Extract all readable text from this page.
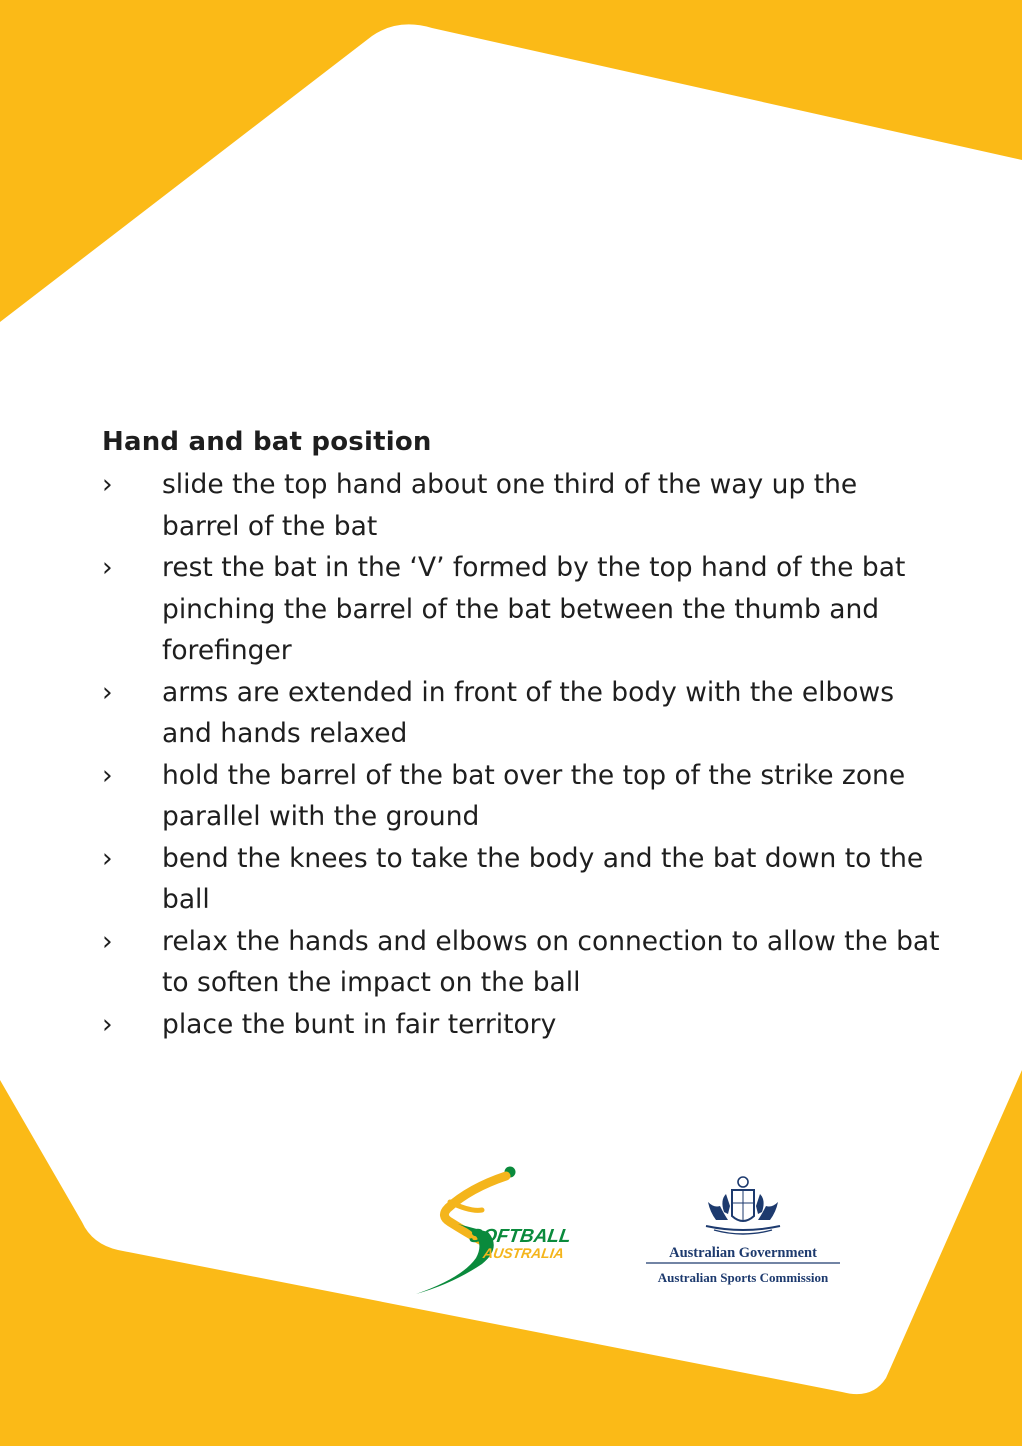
Hand and bat position
›	slide the top hand about one third of the way up the barrel of the bat
›	rest the bat in the ‘V’ formed by the top hand of the bat pinching the barrel of the bat between the thumb and forefinger
›	arms are extended in front of the body with the elbows and hands relaxed
›	hold the barrel of the bat over the top of the strike zone parallel with the ground
›	bend the knees to take the body and the bat down to the ball
›	relax the hands and elbows on connection to allow the bat to soften the impact on the ball
›	place the bunt in fair territory
SOFTBALL
AUSTRALIA	Australian Government
Australian Sports Commission
